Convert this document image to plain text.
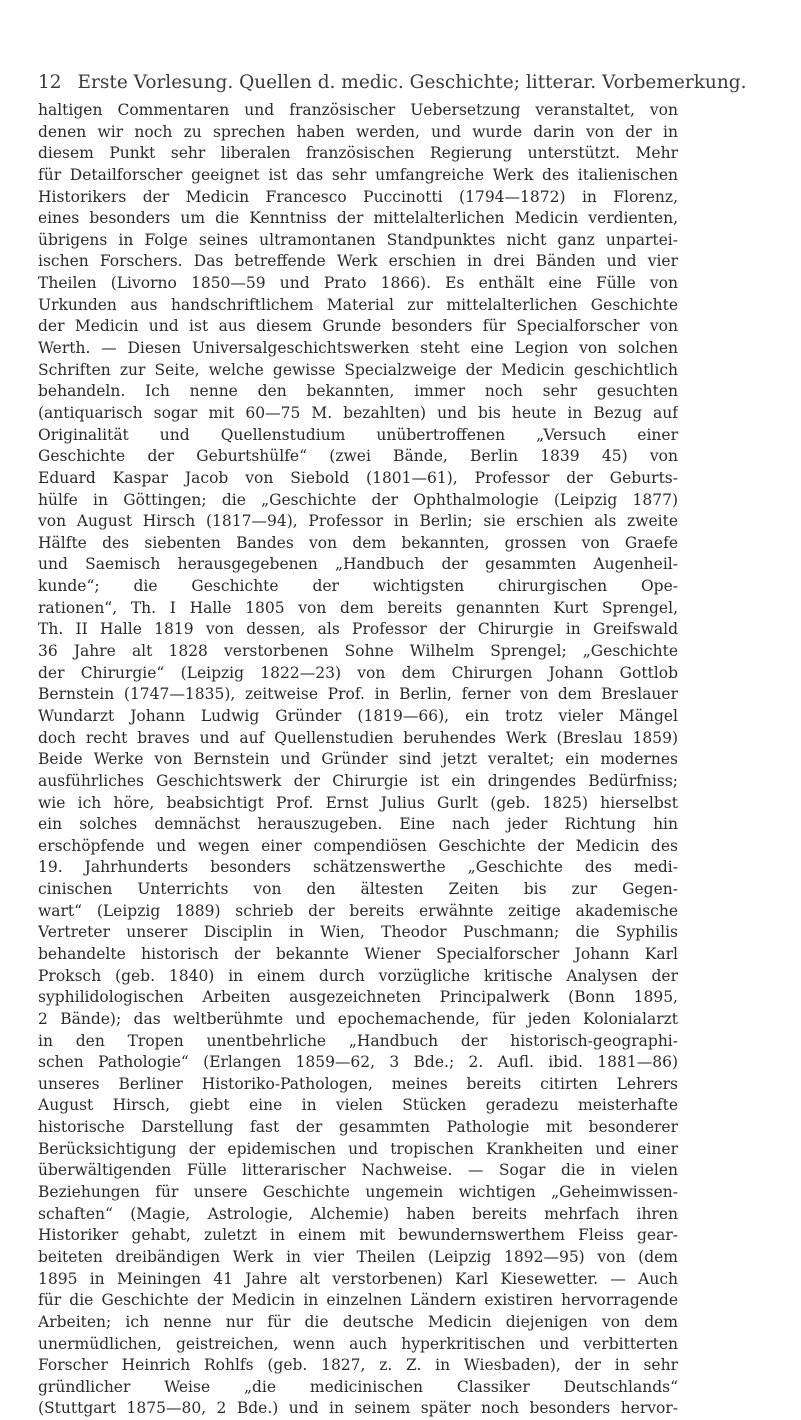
12 Erste Vorlesung. Quellen d. medic. Geschichte; litterar. Vorbemerkung.
haltigen Commentaren und französischer Uebersetzung veranstaltet, von
denen wir noch zu sprechen haben werden, und wurde darin von der in
diesem Punkt sehr liberalen französischen Regierung unterstützt. Mehr
für Detailforscher geeignet ist das sehr umfangreiche Werk des italienischen
Historikers der Medicin Francesco Puccinotti (1794—1872) in Florenz,
eines besonders um die Kenntniss der mittelalterlichen Medicin verdienten,
übrigens in Folge seines ultramontanen Standpunktes nicht ganz unpartei-
ischen Forschers. Das betreffende Werk erschien in drei Bänden und vier
Theilen (Livorno 1850—59 und Prato 1866). Es enthält eine Fülle von
Urkunden aus handschriftlichem Material zur mittelalterlichen Geschichte
der Medicin und ist aus diesem Grunde besonders für Specialforscher von
Werth. — Diesen Universalgeschichtswerken steht eine Legion von solchen
Schriften zur Seite, welche gewisse Specialzweige der Medicin geschichtlich
behandeln. Ich nenne den bekannten, immer noch sehr gesuchten
(antiquarisch sogar mit 60—75 M. bezahlten) und bis heute in Bezug auf
Originalität und Quellenstudium unübertroffenen „Versuch einer
Geschichte der Geburtshülfe“ (zwei Bände, Berlin 1839 45) von
Eduard Kaspar Jacob von Siebold (1801—61), Professor der Geburts-
hülfe in Göttingen; die „Geschichte der Ophthalmologie (Leipzig 1877)
von August Hirsch (1817—94), Professor in Berlin; sie erschien als zweite
Hälfte des siebenten Bandes von dem bekannten, grossen von Graefe
und Saemisch herausgegebenen „Handbuch der gesammten Augenheil-
kunde“; die Geschichte der wichtigsten chirurgischen Ope-
rationen“, Th. I Halle 1805 von dem bereits genannten Kurt Sprengel,
Th. II Halle 1819 von dessen, als Professor der Chirurgie in Greifswald
36 Jahre alt 1828 verstorbenen Sohne Wilhelm Sprengel; „Geschichte
der Chirurgie“ (Leipzig 1822—23) von dem Chirurgen Johann Gottlob
Bernstein (1747—1835), zeitweise Prof. in Berlin, ferner von dem Breslauer
Wundarzt Johann Ludwig Gründer (1819—66), ein trotz vieler Mängel
doch recht braves und auf Quellenstudien beruhendes Werk (Breslau 1859)
Beide Werke von Bernstein und Gründer sind jetzt veraltet; ein modernes
ausführliches Geschichtswerk der Chirurgie ist ein dringendes Bedürfniss;
wie ich höre, beabsichtigt Prof. Ernst Julius Gurlt (geb. 1825) hierselbst
ein solches demnächst herauszugeben. Eine nach jeder Richtung hin
erschöpfende und wegen einer compendiösen Geschichte der Medicin des
19. Jahrhunderts besonders schätzenswerthe „Geschichte des medi-
cinischen Unterrichts von den ältesten Zeiten bis zur Gegen-
wart“ (Leipzig 1889) schrieb der bereits erwähnte zeitige akademische
Vertreter unserer Disciplin in Wien, Theodor Puschmann; die Syphilis
behandelte historisch der bekannte Wiener Specialforscher Johann Karl
Proksch (geb. 1840) in einem durch vorzügliche kritische Analysen der
syphilidologischen Arbeiten ausgezeichneten Principalwerk (Bonn 1895,
2 Bände); das weltberühmte und epochemachende, für jeden Kolonialarzt
in den Tropen unentbehrliche „Handbuch der historisch-geographi-
schen Pathologie“ (Erlangen 1859—62, 3 Bde.; 2. Aufl. ibid. 1881—86)
unseres Berliner Historiko-Pathologen, meines bereits citirten Lehrers
August Hirsch, giebt eine in vielen Stücken geradezu meisterhafte
historische Darstellung fast der gesammten Pathologie mit besonderer
Berücksichtigung der epidemischen und tropischen Krankheiten und einer
überwältigenden Fülle litterarischer Nachweise. — Sogar die in vielen
Beziehungen für unsere Geschichte ungemein wichtigen „Geheimwissen-
schaften“ (Magie, Astrologie, Alchemie) haben bereits mehrfach ihren
Historiker gehabt, zuletzt in einem mit bewundernswerthem Fleiss gear-
beiteten dreibändigen Werk in vier Theilen (Leipzig 1892—95) von (dem
1895 in Meiningen 41 Jahre alt verstorbenen) Karl Kiesewetter. — Auch
für die Geschichte der Medicin in einzelnen Ländern existiren hervorragende
Arbeiten; ich nenne nur für die deutsche Medicin diejenigen von dem
unermüdlichen, geistreichen, wenn auch hyperkritischen und verbitterten
Forscher Heinrich Rohlfs (geb. 1827, z. Z. in Wiesbaden), der in sehr
gründlicher Weise „die medicinischen Classiker Deutschlands“
(Stuttgart 1875—80, 2 Bde.) und in seinem später noch besonders hervor-
